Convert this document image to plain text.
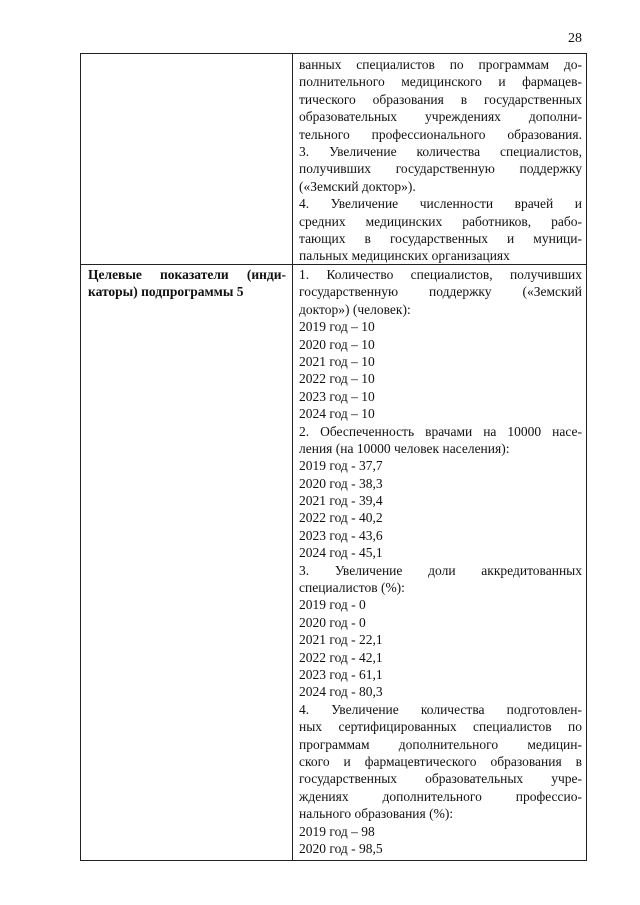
28
ванных специалистов по программам до-
полнительного медицинского и фармацев-
тического образования в государственных
образовательных учреждениях дополни-
тельного профессионального образования.
3. Увеличение количества специалистов,
получивших государственную поддержку
(«Земский доктор»).
4. Увеличение численности врачей и
средних медицинских работников, рабо-
тающих в государственных и муници-
пальных медицинских организациях
Целевые показатели (инди-
каторы) подпрограммы 5
1. Количество специалистов, получивших
государственную поддержку («Земский
доктор») (человек):
2019 год – 10
2020 год – 10
2021 год – 10
2022 год – 10
2023 год – 10
2024 год – 10
2. Обеспеченность врачами на 10000 насе-
ления (на 10000 человек населения):
2019 год - 37,7
2020 год - 38,3
2021 год - 39,4
2022 год - 40,2
2023 год - 43,6
2024 год - 45,1
3. Увеличение доли аккредитованных
специалистов (%):
2019 год - 0
2020 год - 0
2021 год - 22,1
2022 год - 42,1
2023 год - 61,1
2024 год - 80,3
4. Увеличение количества подготовлен-
ных сертифицированных специалистов по
программам дополнительного медицин-
ского и фармацевтического образования в
государственных образовательных учре-
ждениях дополнительного профессио-
нального образования (%):
2019 год – 98
2020 год - 98,5
